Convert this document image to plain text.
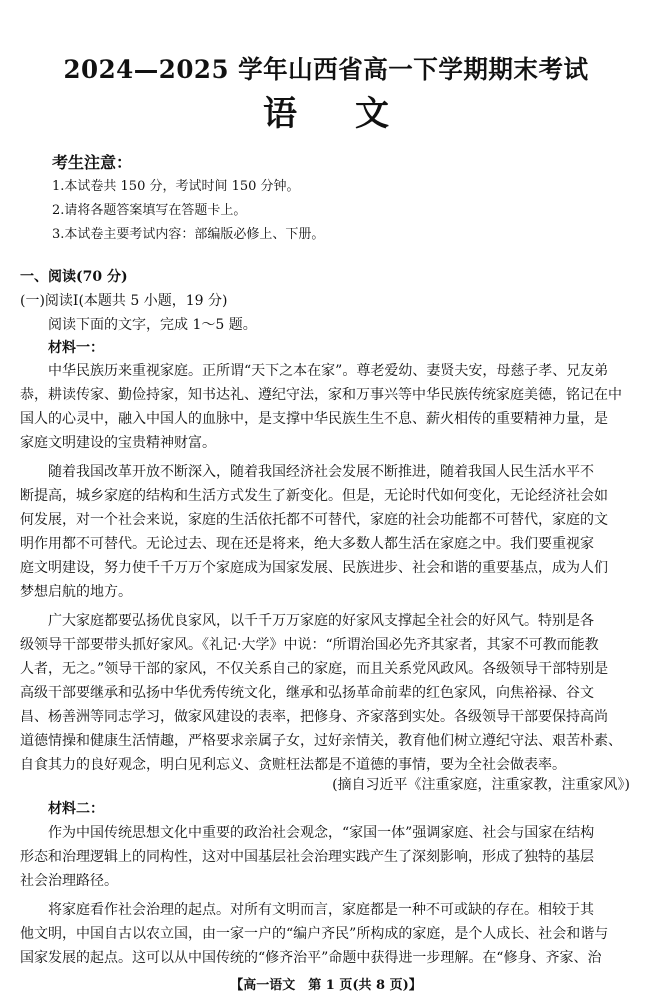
2024—2025 学年山西省高一下学期期末考试
语文
考生注意：
1.本试卷共 150 分，考试时间 150 分钟。
2.请将各题答案填写在答题卡上。
3.本试卷主要考试内容：部编版必修上、下册。
一、阅读(70 分)
(一)阅读Ⅰ(本题共 5 小题，19 分)
阅读下面的文字，完成 1～5 题。
材料一：
中华民族历来重视家庭。正所谓“天下之本在家”。尊老爱幼、妻贤夫安，母慈子孝、兄友弟
恭，耕读传家、勤俭持家，知书达礼、遵纪守法，家和万事兴等中华民族传统家庭美德，铭记在中
国人的心灵中，融入中国人的血脉中，是支撑中华民族生生不息、薪火相传的重要精神力量，是
家庭文明建设的宝贵精神财富。
随着我国改革开放不断深入，随着我国经济社会发展不断推进，随着我国人民生活水平不
断提高，城乡家庭的结构和生活方式发生了新变化。但是，无论时代如何变化，无论经济社会如
何发展，对一个社会来说，家庭的生活依托都不可替代，家庭的社会功能都不可替代，家庭的文
明作用都不可替代。无论过去、现在还是将来，绝大多数人都生活在家庭之中。我们要重视家
庭文明建设，努力使千千万万个家庭成为国家发展、民族进步、社会和谐的重要基点，成为人们
梦想启航的地方。
广大家庭都要弘扬优良家风，以千千万万家庭的好家风支撑起全社会的好风气。特别是各
级领导干部要带头抓好家风。《礼记·大学》中说：“所谓治国必先齐其家者，其家不可教而能教
人者，无之。”领导干部的家风，不仅关系自己的家庭，而且关系党风政风。各级领导干部特别是
高级干部要继承和弘扬中华优秀传统文化，继承和弘扬革命前辈的红色家风，向焦裕禄、谷文
昌、杨善洲等同志学习，做家风建设的表率，把修身、齐家落到实处。各级领导干部要保持高尚
道德情操和健康生活情趣，严格要求亲属子女，过好亲情关，教育他们树立遵纪守法、艰苦朴素、
自食其力的良好观念，明白见利忘义、贪赃枉法都是不道德的事情，要为全社会做表率。
(摘自习近平《注重家庭，注重家教，注重家风》)
材料二：
作为中国传统思想文化中重要的政治社会观念，“家国一体”强调家庭、社会与国家在结构
形态和治理逻辑上的同构性，这对中国基层社会治理实践产生了深刻影响，形成了独特的基层
社会治理路径。
将家庭看作社会治理的起点。对所有文明而言，家庭都是一种不可或缺的存在。相较于其
他文明，中国自古以农立国，由一家一户的“编户齐民”所构成的家庭，是个人成长、社会和谐与
国家发展的起点。这可以从中国传统的“修齐治平”命题中获得进一步理解。在“修身、齐家、治
【高一语文　第 1 页(共 8 页)】
